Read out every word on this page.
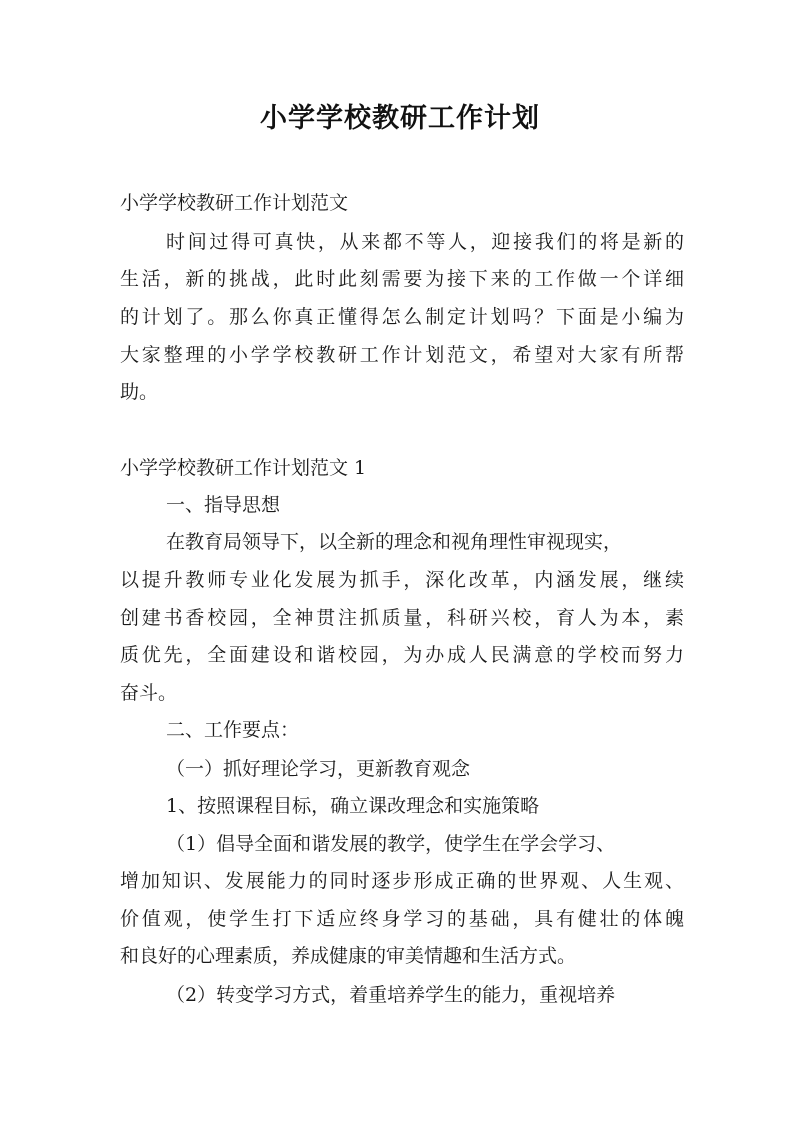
小学学校教研工作计划
小学学校教研工作计划范文
时间过得可真快，从来都不等人，迎接我们的将是新的
生活，新的挑战，此时此刻需要为接下来的工作做一个详细
的计划了。那么你真正懂得怎么制定计划吗？下面是小编为
大家整理的小学学校教研工作计划范文，希望对大家有所帮
助。
小学学校教研工作计划范文 1
一、指导思想
在教育局领导下，以全新的理念和视角理性审视现实，
以提升教师专业化发展为抓手，深化改革，内涵发展，继续
创建书香校园，全神贯注抓质量，科研兴校，育人为本，素
质优先，全面建设和谐校园，为办成人民满意的学校而努力
奋斗。
二、工作要点：
（一）抓好理论学习，更新教育观念
1、按照课程目标，确立课改理念和实施策略
（1）倡导全面和谐发展的教学，使学生在学会学习、
增加知识、发展能力的同时逐步形成正确的世界观、人生观、
价值观，使学生打下适应终身学习的基础，具有健壮的体魄
和良好的心理素质，养成健康的审美情趣和生活方式。
（2）转变学习方式，着重培养学生的能力，重视培养
